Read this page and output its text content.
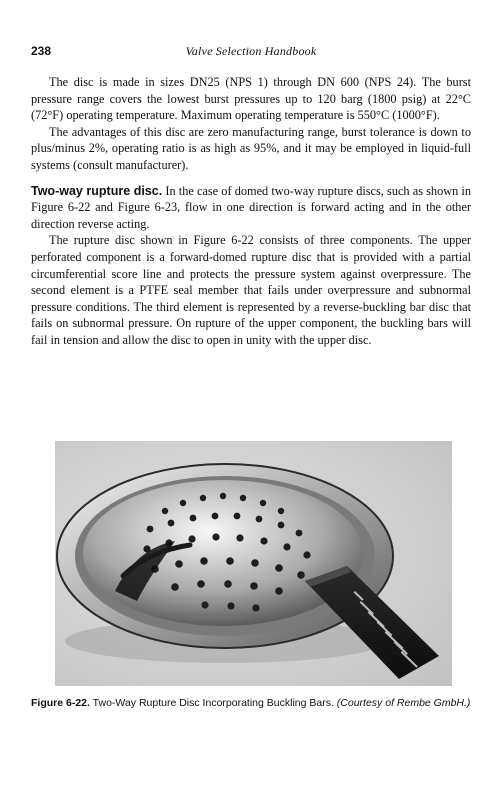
238	Valve Selection Handbook

The disc is made in sizes DN25 (NPS 1) through DN 600 (NPS 24). The burst pressure range covers the lowest burst pressures up to 120 barg (1800 psig) at 22°C (72°F) operating temperature. Maximum operating temperature is 550°C (1000°F).

The advantages of this disc are zero manufacturing range, burst tolerance is down to plus/minus 2%, operating ratio is as high as 95%, and it may be employed in liquid-full systems (consult manufacturer).

Two-way rupture disc. In the case of domed two-way rupture discs, such as shown in Figure 6-22 and Figure 6-23, flow in one direction is forward acting and in the other direction reverse acting.

The rupture disc shown in Figure 6-22 consists of three components. The upper perforated component is a forward-domed rupture disc that is provided with a partial circumferential score line and protects the pressure system against overpressure. The second element is a PTFE seal member that fails under overpressure and subnormal pressure conditions. The third element is represented by a reverse-buckling bar disc that fails on subnormal pressure. On rupture of the upper component, the buckling bars will fail in tension and allow the disc to open in unity with the upper disc.

Figure 6-22. Two-Way Rupture Disc Incorporating Buckling Bars. (Courtesy of Rembe GmbH.)
